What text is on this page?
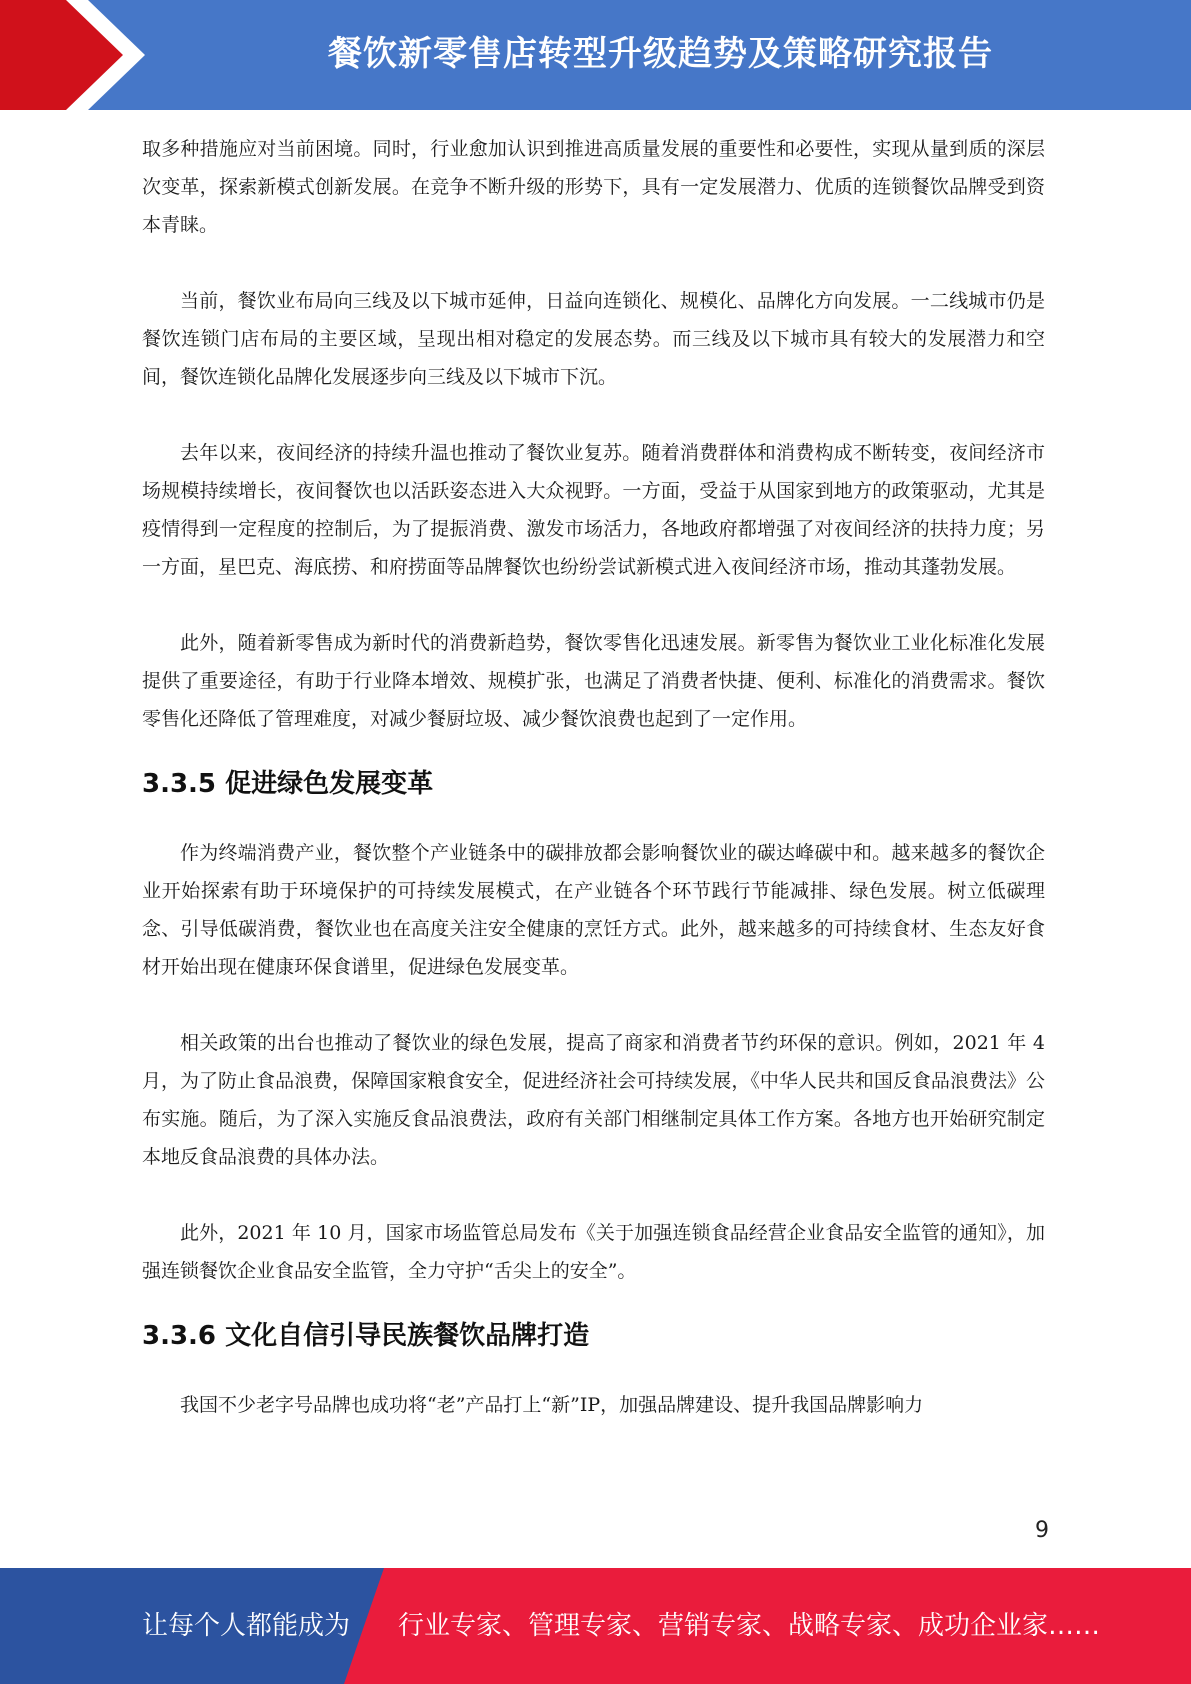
餐饮新零售店转型升级趋势及策略研究报告

取多种措施应对当前困境。同时，行业愈加认识到推进高质量发展的重要性和必要性，实现从量到质的深层次变革，探索新模式创新发展。在竞争不断升级的形势下，具有一定发展潜力、优质的连锁餐饮品牌受到资本青睐。

当前，餐饮业布局向三线及以下城市延伸，日益向连锁化、规模化、品牌化方向发展。一二线城市仍是餐饮连锁门店布局的主要区域，呈现出相对稳定的发展态势。而三线及以下城市具有较大的发展潜力和空间，餐饮连锁化品牌化发展逐步向三线及以下城市下沉。

去年以来，夜间经济的持续升温也推动了餐饮业复苏。随着消费群体和消费构成不断转变，夜间经济市场规模持续增长，夜间餐饮也以活跃姿态进入大众视野。一方面，受益于从国家到地方的政策驱动，尤其是疫情得到一定程度的控制后，为了提振消费、激发市场活力，各地政府都增强了对夜间经济的扶持力度；另一方面，星巴克、海底捞、和府捞面等品牌餐饮也纷纷尝试新模式进入夜间经济市场，推动其蓬勃发展。

此外，随着新零售成为新时代的消费新趋势，餐饮零售化迅速发展。新零售为餐饮业工业化标准化发展提供了重要途径，有助于行业降本增效、规模扩张，也满足了消费者快捷、便利、标准化的消费需求。餐饮零售化还降低了管理难度，对减少餐厨垃圾、减少餐饮浪费也起到了一定作用。

3.3.5 促进绿色发展变革

作为终端消费产业，餐饮整个产业链条中的碳排放都会影响餐饮业的碳达峰碳中和。越来越多的餐饮企业开始探索有助于环境保护的可持续发展模式，在产业链各个环节践行节能减排、绿色发展。树立低碳理念、引导低碳消费，餐饮业也在高度关注安全健康的烹饪方式。此外，越来越多的可持续食材、生态友好食材开始出现在健康环保食谱里，促进绿色发展变革。

相关政策的出台也推动了餐饮业的绿色发展，提高了商家和消费者节约环保的意识。例如，2021 年 4 月，为了防止食品浪费，保障国家粮食安全，促进经济社会可持续发展，《中华人民共和国反食品浪费法》公布实施。随后，为了深入实施反食品浪费法，政府有关部门相继制定具体工作方案。各地方也开始研究制定本地反食品浪费的具体办法。

此外，2021 年 10 月，国家市场监管总局发布《关于加强连锁食品经营企业食品安全监管的通知》，加强连锁餐饮企业食品安全监管，全力守护“舌尖上的安全”。

3.3.6 文化自信引导民族餐饮品牌打造

我国不少老字号品牌也成功将“老”产品打上“新”IP，加强品牌建设、提升我国品牌影响力

9
让每个人都能成为 行业专家、管理专家、营销专家、战略专家、成功企业家……
